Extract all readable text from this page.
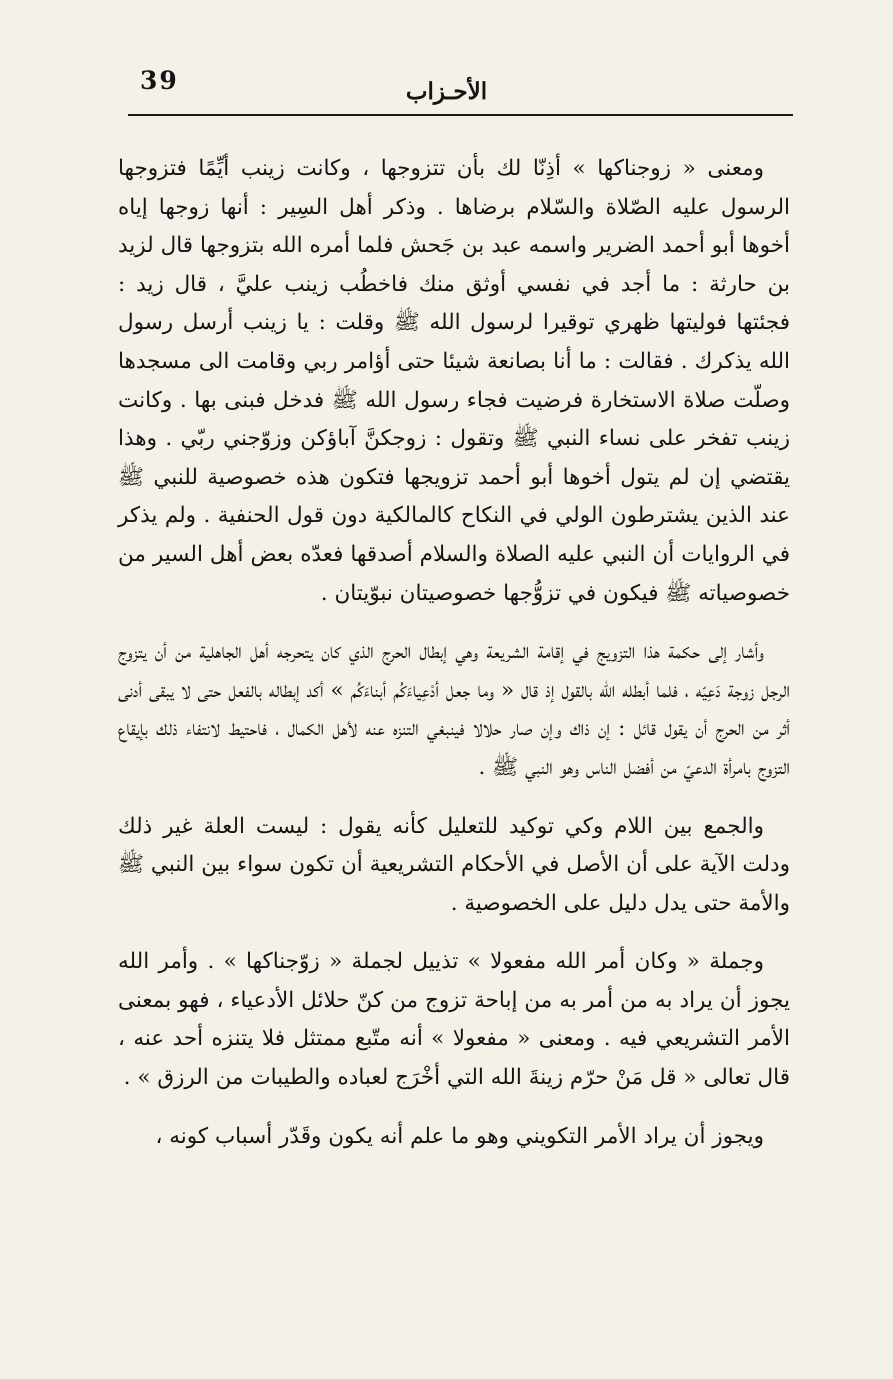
39	الأحـزاب

ومعنى « زوجناكها » أذِنّا لك بأن تتزوجها ، وكانت زينب أيِّمًا فتزوجها الرسول عليه الصّلاة والسّلام برضاها . وذكر أهل السِير : أنها زوجها إياه أخوها أبو أحمد الضرير واسمه عبد بن جَحش فلما أمره الله بتزوجها قال لزيد بن حارثة : ما أجد في نفسي أوثق منك فاخطُب زينب عليَّ ، قال زيد : فجئتها فوليتها ظهري توقيرا لرسول الله ﷺ وقلت : يا زينب أرسل رسول الله يذكرك . فقالت : ما أنا بصانعة شيئا حتى أؤامر ربي وقامت الى مسجدها وصلّت صلاة الاستخارة فرضيت فجاء رسول الله ﷺ فدخل فبنى بها . وكانت زينب تفخر على نساء النبي ﷺ وتقول : زوجكنَّ آباؤكن وزوّجني ربّي . وهذا يقتضي إن لم يتول أخوها أبو أحمد تزويجها فتكون هذه خصوصية للنبي ﷺ عند الذين يشترطون الولي في النكاح كالمالكية دون قول الحنفية . ولم يذكر في الروايات أن النبي عليه الصلاة والسلام أصدقها فعدّه بعض أهل السير من خصوصياته ﷺ فيكون في تزوُّجها خصوصيتان نبوّيتان .

وأشار إلى حكمة هذا التزويج في إقامة الشريعة وهي إبطال الحرج الذي كان يتحرجه أهل الجاهلية من أن يتزوج الرجل زوجة دَعِيّه ، فلما أبطله الله بالقول إذ قال « وما جعل أدْعِياءَكُم أبناءَكُم » أكد إبطاله بالفعل حتى لا يبقى أدنى أثر من الحرج أن يقول قائل : إن ذاك وإن صار حلالا فينبغي التنزه عنه لأهل الكمال ، فاحتيط لانتفاء ذلك بإيقاع التزوج بامرأة الدعيّ من أفضل الناس وهو النبي ﷺ .

والجمع بين اللام وكي توكيد للتعليل كأنه يقول : ليست العلة غير ذلك ودلت الآية على أن الأصل في الأحكام التشريعية أن تكون سواء بين النبي ﷺ والأمة حتى يدل دليل على الخصوصية .

وجملة « وكان أمر الله مفعولا » تذييل لجملة « زوّجناكها » . وأمر الله يجوز أن يراد به من أمر به من إباحة تزوج من كنّ حلائل الأدعياء ، فهو بمعنى الأمر التشريعي فيه . ومعنى « مفعولا » أنه متّبع ممتثل فلا يتنزه أحد عنه ، قال تعالى « قل مَنْ حرّم زينةَ الله التي أخْرَج لعباده والطيبات من الرزق » .

ويجوز أن يراد الأمر التكويني وهو ما علم أنه يكون وقَدّر أسباب كونه ،
